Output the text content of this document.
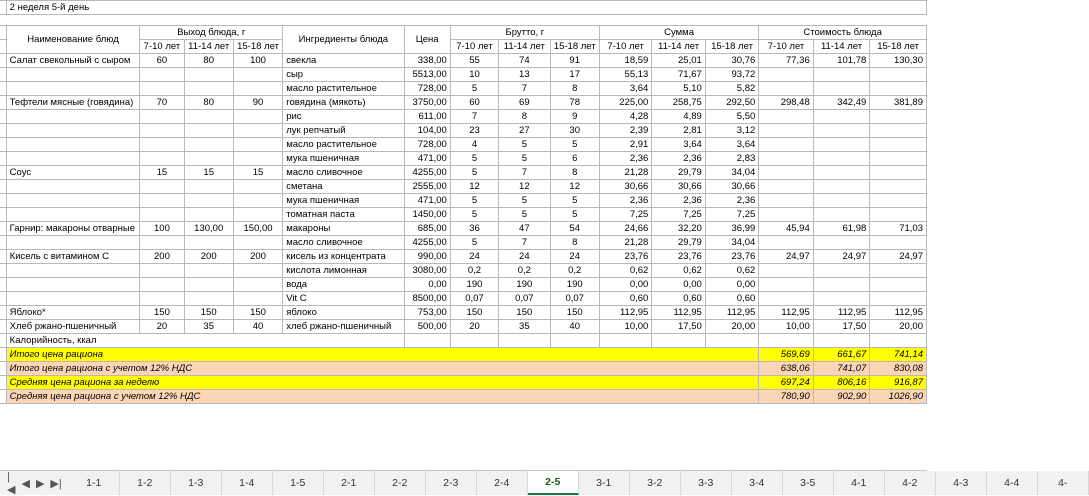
	2 неделя 5-й день														

	Наименование блюд	Выход блюда, г			Ингредиенты блюда	Цена	Брутто, г			Сумма			Стоимость блюда		
		7-10 лет	11-14 лет	15-18 лет			7-10 лет	11-14 лет	15-18 лет	7-10 лет	11-14 лет	15-18 лет	7-10 лет	11-14 лет	15-18 лет
	Салат свекольный с сыром	60	80	100	свекла	338,00	55	74	91	18,59	25,01	30,76	77,36	101,78	130,30
					сыр	5513,00	10	13	17	55,13	71,67	93,72			
					масло растительное	728,00	5	7	8	3,64	5,10	5,82			
	Тефтели мясные (говядина)	70	80	90	говядина (мякоть)	3750,00	60	69	78	225,00	258,75	292,50	298,48	342,49	381,89
					рис	611,00	7	8	9	4,28	4,89	5,50			
					лук репчатый	104,00	23	27	30	2,39	2,81	3,12			
					масло растительное	728,00	4	5	5	2,91	3,64	3,64			
					мука пшеничная	471,00	5	5	6	2,36	2,36	2,83			
	Соус	15	15	15	масло сливочное	4255,00	5	7	8	21,28	29,79	34,04			
					сметана	2555,00	12	12	12	30,66	30,66	30,66			
					мука пшеничная	471,00	5	5	5	2,36	2,36	2,36			
					томатная паста	1450,00	5	5	5	7,25	7,25	7,25			
	Гарнир: макароны отварные	100	130,00	150,00	макароны	685,00	36	47	54	24,66	32,20	36,99	45,94	61,98	71,03
					масло сливочное	4255,00	5	7	8	21,28	29,79	34,04			
	Кисель с витамином С	200	200	200	кисель из концентрата	990,00	24	24	24	23,76	23,76	23,76	24,97	24,97	24,97
					кислота лимонная	3080,00	0,2	0,2	0,2	0,62	0,62	0,62			
					вода	0,00	190	190	190	0,00	0,00	0,00			
					Vit C	8500,00	0,07	0,07	0,07	0,60	0,60	0,60			
	Яблоко*	150	150	150	яблоко	753,00	150	150	150	112,95	112,95	112,95	112,95	112,95	112,95
	Хлеб ржано-пшеничный	20	35	40	хлеб ржано-пшеничный	500,00	20	35	40	10,00	17,50	20,00	10,00	17,50	20,00
	Калорийность, ккал														
	Итого цена рациона												569,69	661,67	741,14
	Итого цена рациона с учетом 12% НДС												638,06	741,07	830,08
	Средняя цена рациона за неделю												697,24	806,16	916,87
	Средняя цена рациона с учетом 12% НДС												780,90	902,90	1026,90
|◀ ◀ ▶ ▶|	1-1	1-2	1-3	1-4	1-5	2-1	2-2	2-3	2-4	2-5	3-1	3-2	3-3	3-4	3-5	4-1	4-2	4-3	4-4	4-
